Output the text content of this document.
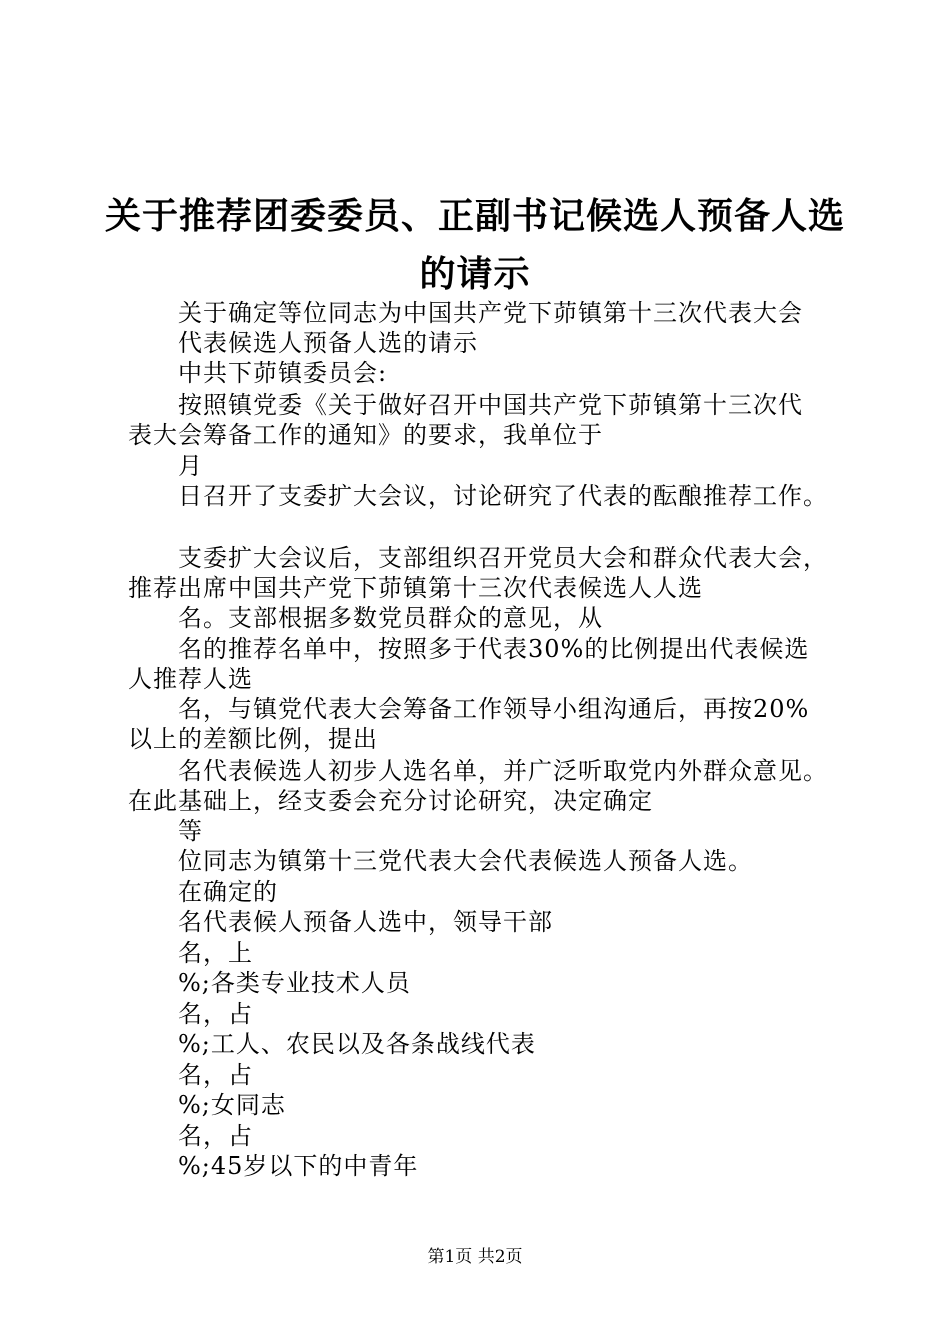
关于推荐团委委员、正副书记候选人预备人选
的请示
关于确定等位同志为中国共产党下茆镇第十三次代表大会
代表候选人预备人选的请示
中共下茆镇委员会:
按照镇党委《关于做好召开中国共产党下茆镇第十三次代
表大会筹备工作的通知》的要求，我单位于
月
日召开了支委扩大会议，讨论研究了代表的酝酿推荐工作。
支委扩大会议后，支部组织召开党员大会和群众代表大会，
推荐出席中国共产党下茆镇第十三次代表候选人人选
名。支部根据多数党员群众的意见，从
名的推荐名单中，按照多于代表30%的比例提出代表候选
人推荐人选
名，与镇党代表大会筹备工作领导小组沟通后，再按20%
以上的差额比例，提出
名代表候选人初步人选名单，并广泛听取党内外群众意见。
在此基础上，经支委会充分讨论研究，决定确定
等
位同志为镇第十三党代表大会代表候选人预备人选。
在确定的
名代表候人预备人选中，领导干部
名，上
%;各类专业技术人员
名，占
%;工人、农民以及各条战线代表
名，占
%;女同志
名，占
%;45岁以下的中青年
第1页 共2页
